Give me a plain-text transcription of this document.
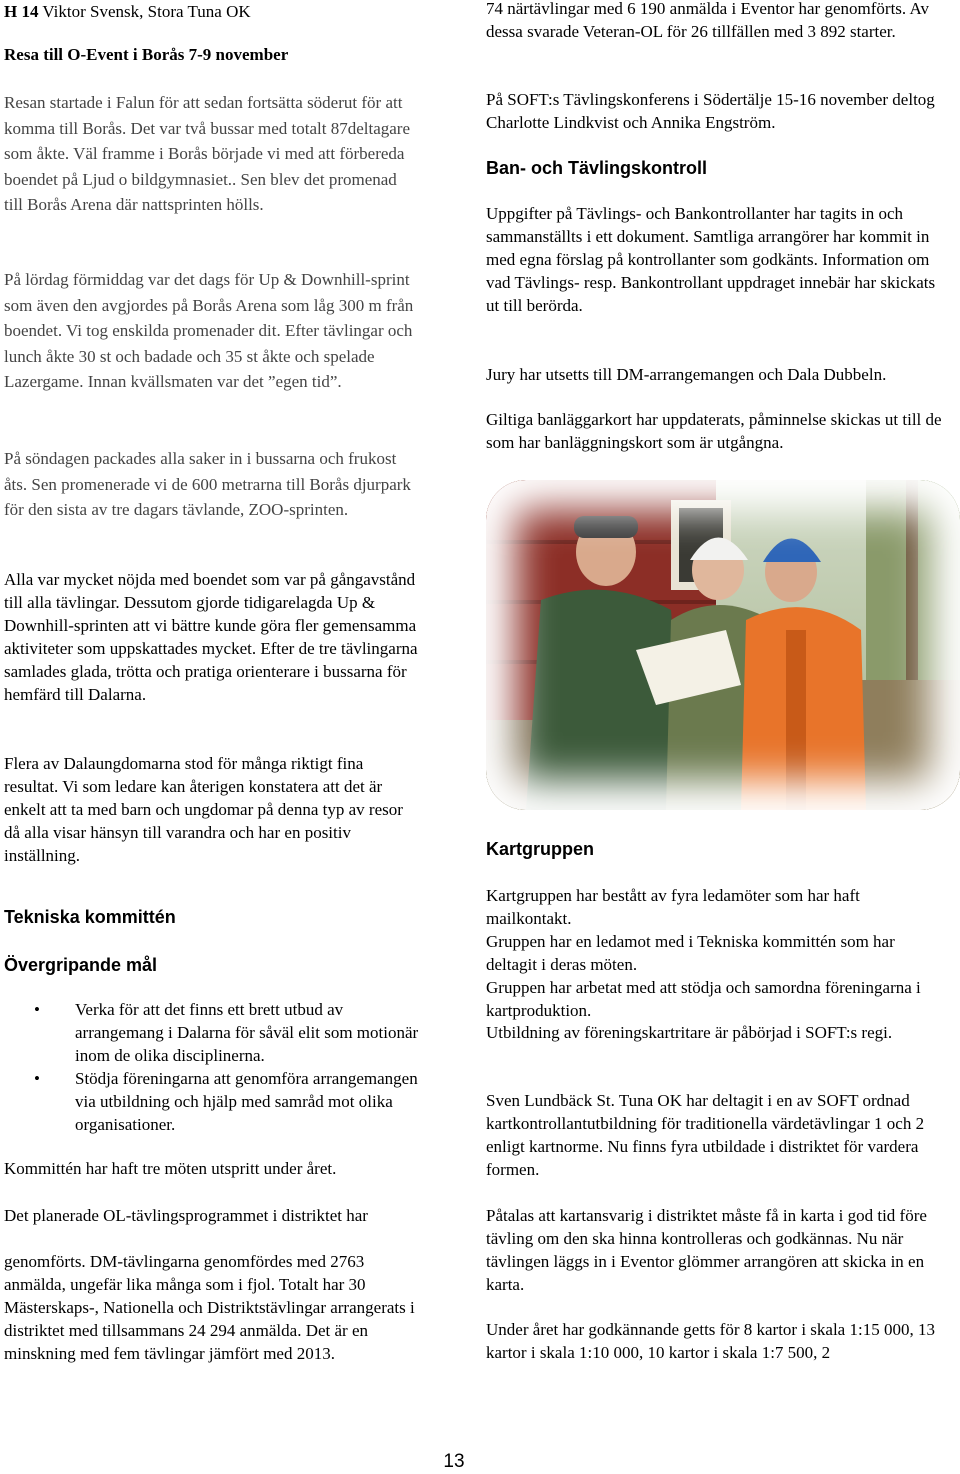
H 14 Viktor Svensk, Stora Tuna OK

Resa till O-Event i Borås 7-9 november

Resan startade i Falun för att sedan fortsätta söderut för att komma till Borås. Det var två bussar med totalt 87deltagare som åkte. Väl framme i Borås började vi med att förbereda boendet på Ljud o bildgymnasiet.. Sen blev det promenad till Borås Arena där nattsprinten hölls.

På lördag förmiddag var det dags för Up & Downhill-sprint som även den avgjordes på Borås Arena som låg 300 m från boendet. Vi tog enskilda promenader dit. Efter tävlingar och lunch åkte 30 st och badade och 35 st åkte och spelade Lazergame. Innan kvällsmaten var det ”egen tid”.

På söndagen packades alla saker in i bussarna och frukost åts. Sen promenerade vi de 600 metrarna till Borås djurpark för den sista av tre dagars tävlande, ZOO-sprinten.

Alla var mycket nöjda med boendet som var på gångavstånd till alla tävlingar. Dessutom gjorde tidigarelagda Up & Downhill-sprinten att vi bättre kunde göra fler gemensamma aktiviteter som uppskattades mycket. Efter de tre tävlingarna samlades glada, trötta och pratiga orienterare i bussarna för hemfärd till Dalarna.

Flera av Dalaungdomarna stod för många riktigt fina resultat. Vi som ledare kan återigen konstatera att det är enkelt att ta med barn och ungdomar på denna typ av resor då alla visar hänsyn till varandra och har en positiv inställning.

Tekniska kommittén

Övergripande mål

• Verka för att det finns ett brett utbud av arrangemang i Dalarna för såväl elit som motionär inom de olika disciplinerna.
• Stödja föreningarna att genomföra arrangemangen via utbildning och hjälp med samråd mot olika organisationer.

Kommittén har haft tre möten utspritt under året.

Det planerade OL-tävlingsprogrammet i distriktet har

genomförts. DM-tävlingarna genomfördes med 2763 anmälda, ungefär lika många som i fjol. Totalt har 30 Mästerskaps-, Nationella och Distriktstävlingar arrangerats i distriktet med tillsammans 24 294 anmälda. Det är en minskning med fem tävlingar jämfört med 2013.

74 närtävlingar med 6 190 anmälda i Eventor har genomförts. Av dessa svarade Veteran-OL för 26 tillfällen med 3 892 starter.

På SOFT:s Tävlingskonferens i Södertälje 15-16 november deltog Charlotte Lindkvist och Annika Engström.

Ban- och Tävlingskontroll

Uppgifter på Tävlings- och Bankontrollanter har tagits in och sammanställts i ett dokument. Samtliga arrangörer har kommit in med egna förslag på kontrollanter som godkänts. Information om vad Tävlings- resp. Bankontrollant uppdraget innebär har skickats ut till berörda.

Jury har utsetts till DM-arrangemangen och Dala Dubbeln.

Giltiga banläggarkort har uppdaterats, påminnelse skickas ut till de som har banläggningskort som är utgångna.

Kartgruppen

Kartgruppen har bestått av fyra ledamöter som har haft mailkontakt.

Gruppen har en ledamot med i Tekniska kommittén som har deltagit i deras möten.

Gruppen har arbetat med att stödja och samordna föreningarna i kartproduktion.

Utbildning av föreningskartritare är påbörjad i SOFT:s regi.

Sven Lundbäck St. Tuna OK har deltagit i en av SOFT ordnad kartkontrollantutbildning för traditionella värdetävlingar 1 och 2 enligt kartnorme. Nu finns fyra utbildade i distriktet för vardera formen.

Påtalas att kartansvarig i distriktet måste få in karta i god tid före tävling om den ska hinna kontrolleras och godkännas. Nu när tävlingen läggs in i Eventor glömmer arrangören att skicka in en karta.

Under året har godkännande getts för 8 kartor i skala 1:15 000, 13 kartor i skala 1:10 000, 10 kartor i skala 1:7 500, 2

13
